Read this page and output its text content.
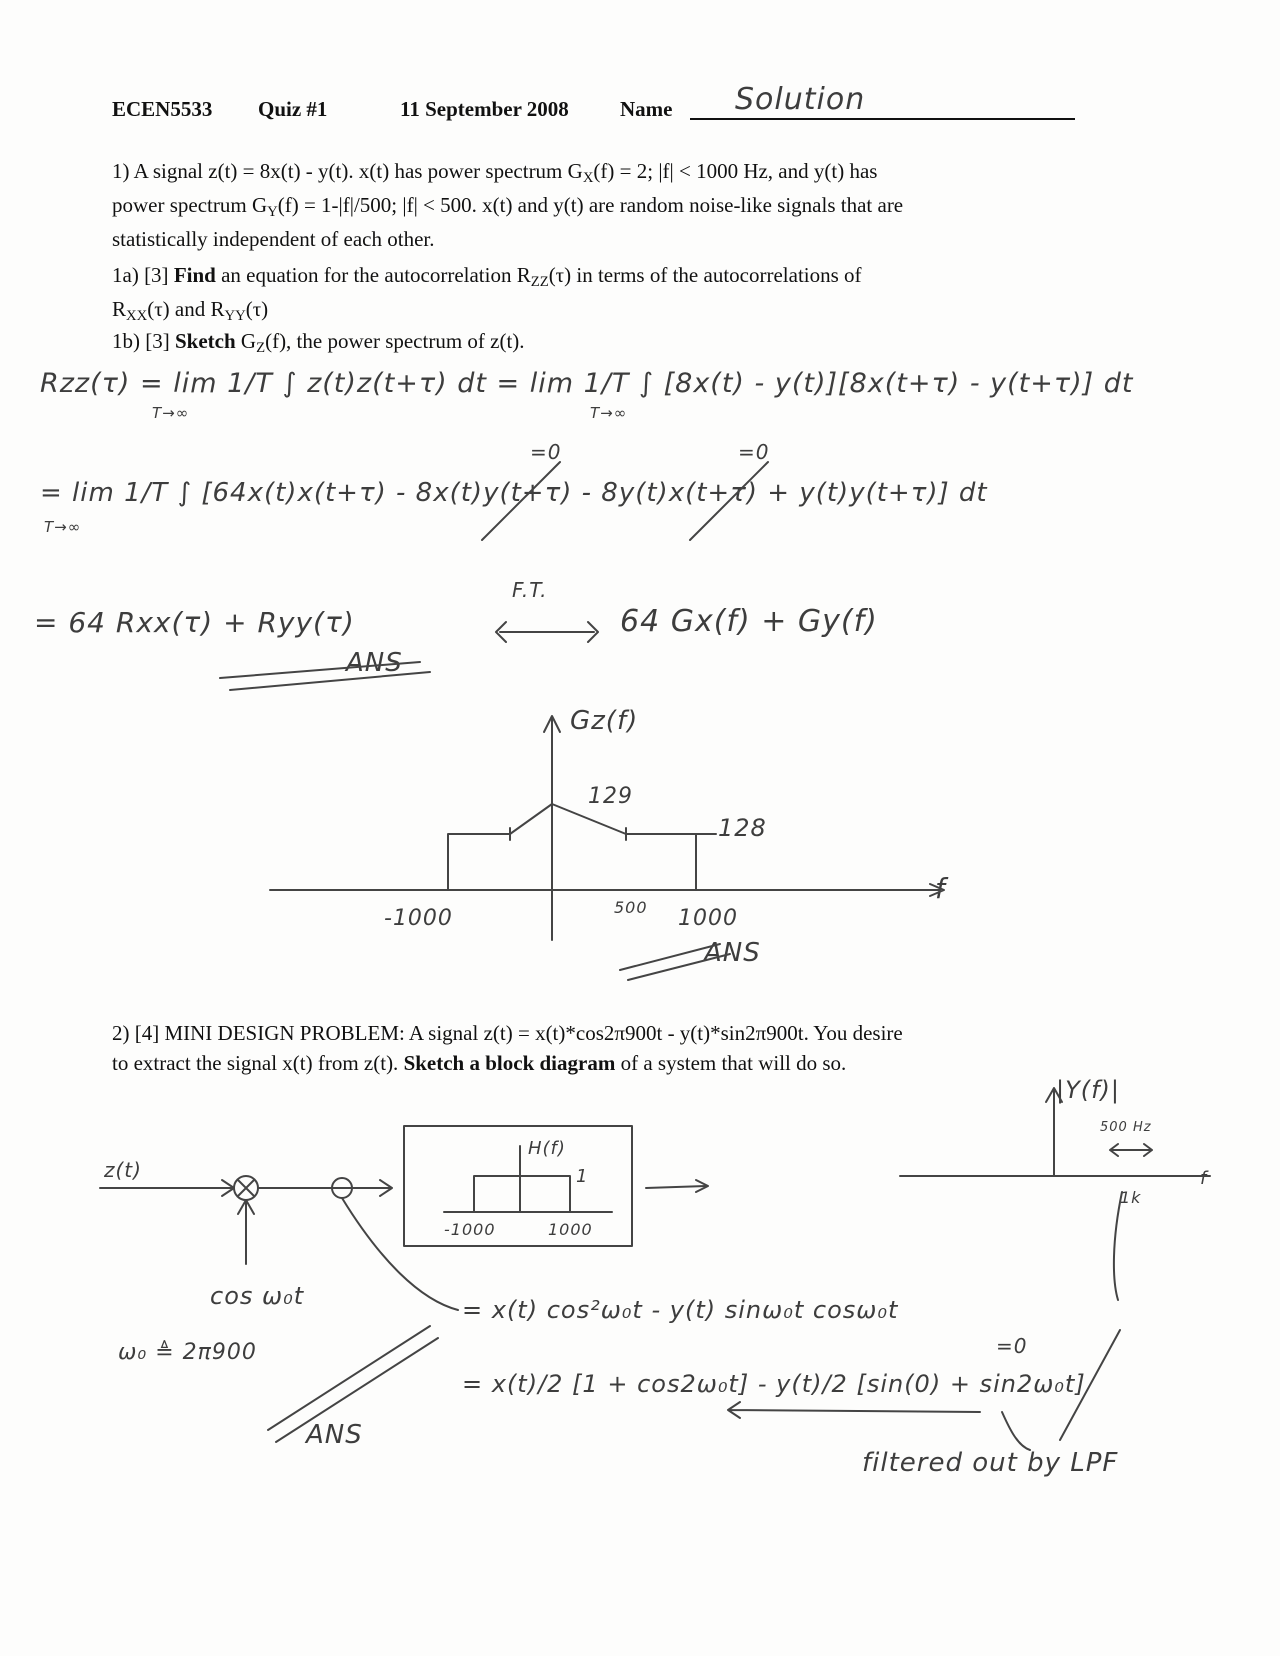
ECEN5533 Quiz #1	11 September 2008 Name Solution
1) A signal z(t) = 8x(t) - y(t). x(t) has power spectrum $G_X(f) = 2$; |f| < 1000 Hz, and y(t) has
power spectrum $G_Y(f) = 1-|f|/500$; |f| < 500. x(t) and y(t) are random noise-like signals that are
statistically independent of each other.
1a) [3] Find an equation for the autocorrelation $R_{ZZ}(\tau)$ in terms of the autocorrelations of
$R_{XX}(\tau)$ and $R_{YY}(\tau)$
1b) [3] Sketch $G_Z(f)$, the power spectrum of z(t).
Rzz(τ) = lim 1/T ∫ z(t)z(t+τ) dt = lim 1/T ∫ [8x(t) - y(t)][8x(t+τ) - y(t+τ)] dt
T→∞	T→∞
=0	=0
= lim 1/T ∫ [64x(t)x(t+τ) - 8x(t)y(t+τ) - 8y(t)x(t+τ) + y(t)y(t+τ)] dt
T→∞
F.T.
= 64 Rxx(τ) + Ryy(τ)	64 Gx(f) + Gy(f)
ANS
Gz(f)
f
129
128
-1000	500 1000
ANS
2) [4] MINI DESIGN PROBLEM: A signal z(t) = x(t)*cos2π900t - y(t)*sin2π900t. You desire
to extract the signal x(t) from z(t). Sketch a block diagram of a system that will do so.
z(t)
cos ω₀t
ω₀ ≜ 2π900
H(f)
1
-1000	1000
|Y(f)|
500 Hz
1k
f
= x(t) cos²ω₀t - y(t) sinω₀t cosω₀t
= x(t)/2 [1 + cos2ω₀t] - y(t)/2 [sin(0) + sin2ω₀t]
=0
filtered out by LPF
ANS
